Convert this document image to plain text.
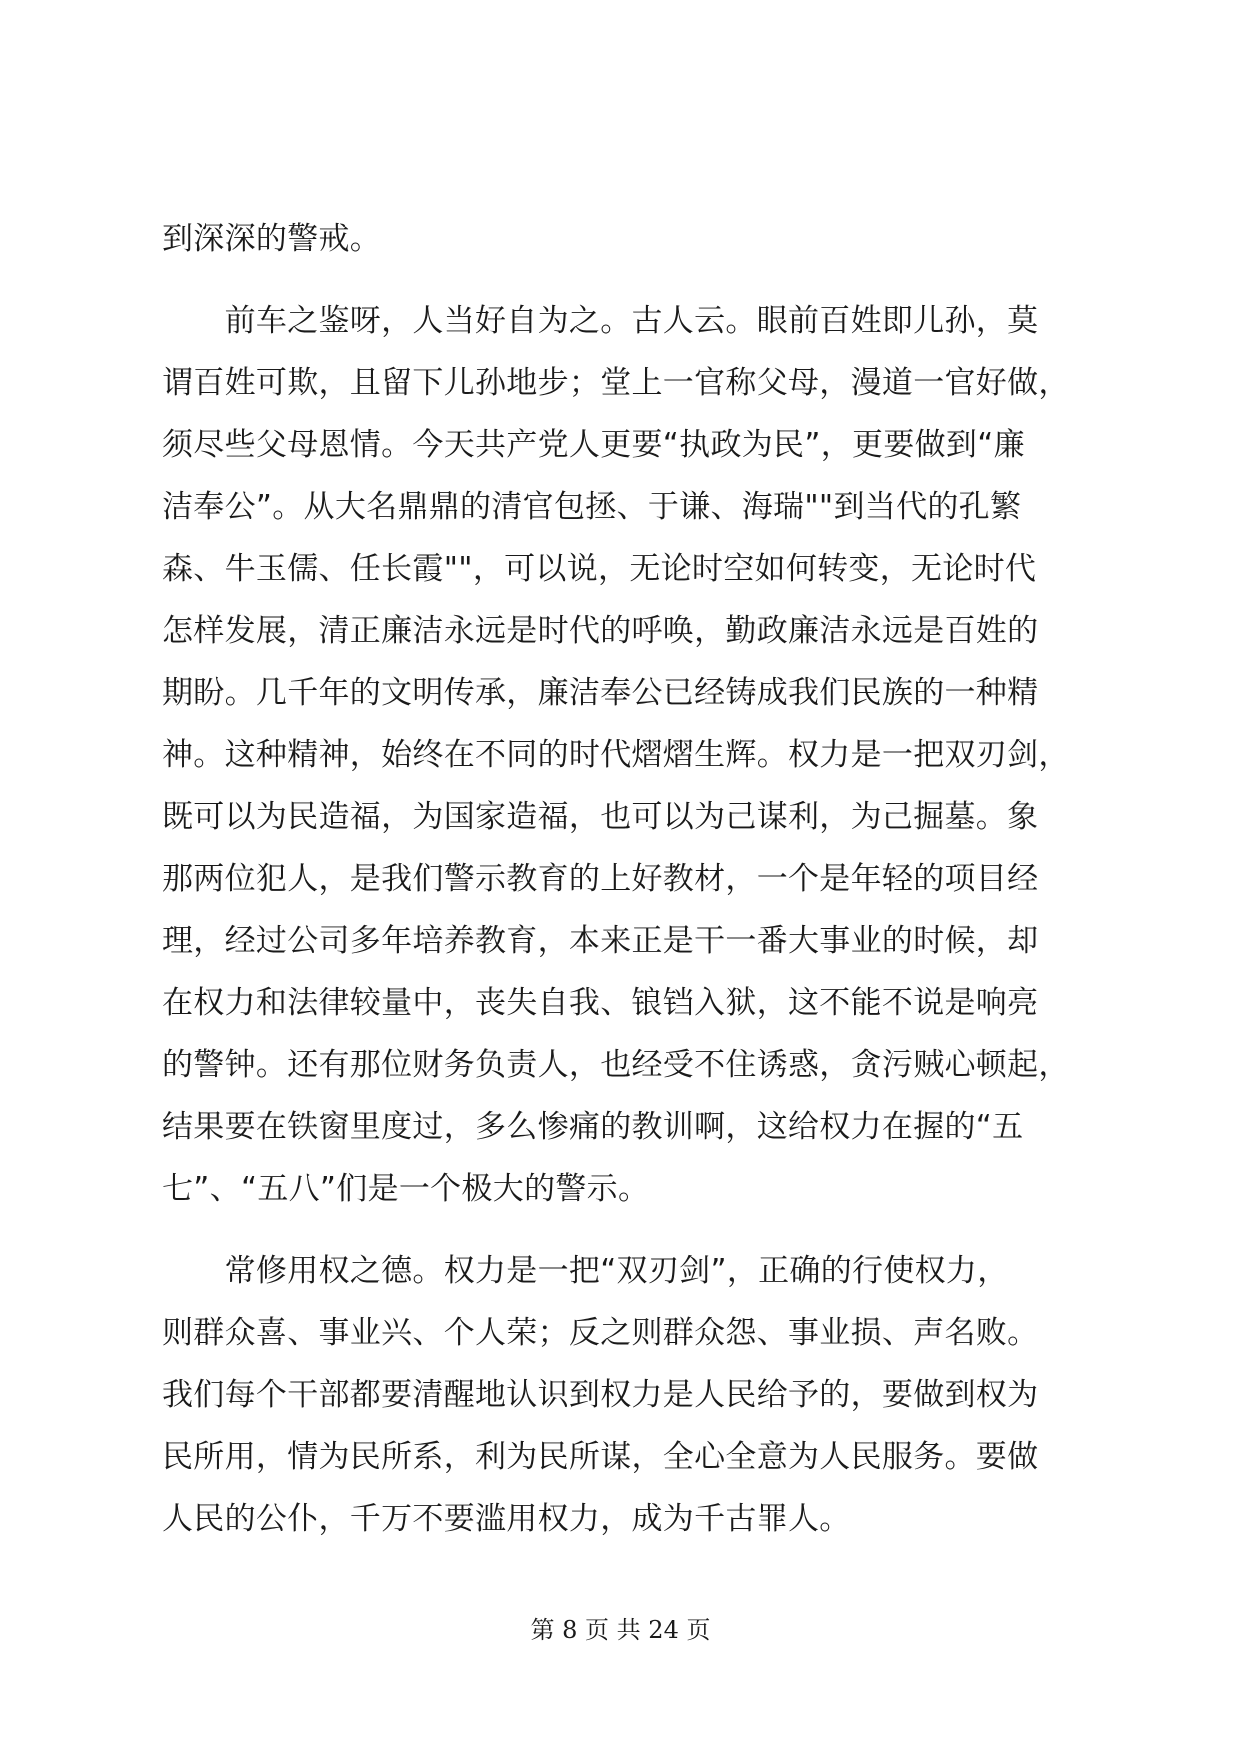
到深深的警戒。
　　前车之鉴呀，人当好自为之。古人云。眼前百姓即儿孙，莫
谓百姓可欺，且留下儿孙地步；堂上一官称父母，漫道一官好做，
须尽些父母恩情。今天共产党人更要“执政为民”，更要做到“廉
洁奉公”。从大名鼎鼎的清官包拯、于谦、海瑞""到当代的孔繁
森、牛玉儒、任长霞""，可以说，无论时空如何转变，无论时代
怎样发展，清正廉洁永远是时代的呼唤，勤政廉洁永远是百姓的
期盼。几千年的文明传承，廉洁奉公已经铸成我们民族的一种精
神。这种精神，始终在不同的时代熠熠生辉。权力是一把双刃剑，
既可以为民造福，为国家造福，也可以为己谋利，为己掘墓。象
那两位犯人，是我们警示教育的上好教材，一个是年轻的项目经
理，经过公司多年培养教育，本来正是干一番大事业的时候，却
在权力和法律较量中，丧失自我、锒铛入狱，这不能不说是响亮
的警钟。还有那位财务负责人，也经受不住诱惑，贪污贼心顿起，
结果要在铁窗里度过，多么惨痛的教训啊，这给权力在握的“五
七”、“五八”们是一个极大的警示。
　　常修用权之德。权力是一把“双刃剑”，正确的行使权力，
则群众喜、事业兴、个人荣；反之则群众怨、事业损、声名败。
我们每个干部都要清醒地认识到权力是人民给予的，要做到权为
民所用，情为民所系，利为民所谋，全心全意为人民服务。要做
人民的公仆，千万不要滥用权力，成为千古罪人。
第 8 页 共 24 页
